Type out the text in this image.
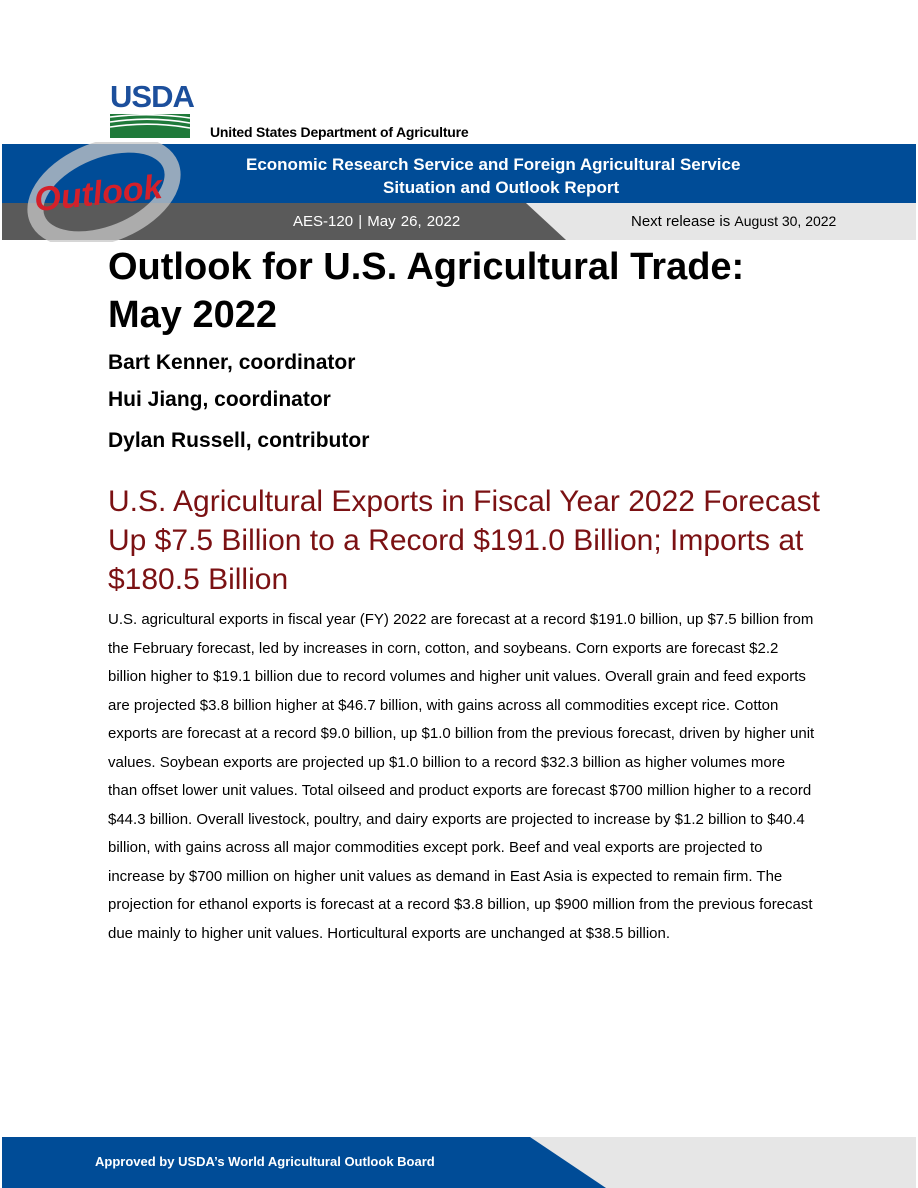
USDA
United States Department of Agriculture
Economic Research Service and Foreign Agricultural Service
Situation and Outlook Report
AES-120 | May 26, 2022	Next release is August 30, 2022
Outlook
Outlook for U.S. Agricultural Trade: May 2022

Bart Kenner, coordinator

Hui Jiang, coordinator

Dylan Russell, contributor

U.S. Agricultural Exports in Fiscal Year 2022 Forecast Up $7.5 Billion to a Record $191.0 Billion; Imports at $180.5 Billion

U.S. agricultural exports in fiscal year (FY) 2022 are forecast at a record $191.0 billion, up $7.5 billion from the February forecast, led by increases in corn, cotton, and soybeans. Corn exports are forecast $2.2 billion higher to $19.1 billion due to record volumes and higher unit values. Overall grain and feed exports are projected $3.8 billion higher at $46.7 billion, with gains across all commodities except rice. Cotton exports are forecast at a record $9.0 billion, up $1.0 billion from the previous forecast, driven by higher unit values. Soybean exports are projected up $1.0 billion to a record $32.3 billion as higher volumes more than offset lower unit values. Total oilseed and product exports are forecast $700 million higher to a record $44.3 billion. Overall livestock, poultry, and dairy exports are projected to increase by $1.2 billion to $40.4 billion, with gains across all major commodities except pork. Beef and veal exports are projected to increase by $700 million on higher unit values as demand in East Asia is expected to remain firm. The projection for ethanol exports is forecast at a record $3.8 billion, up $900 million from the previous forecast due mainly to higher unit values. Horticultural exports are unchanged at $38.5 billion.

Approved by USDA’s World Agricultural Outlook Board
